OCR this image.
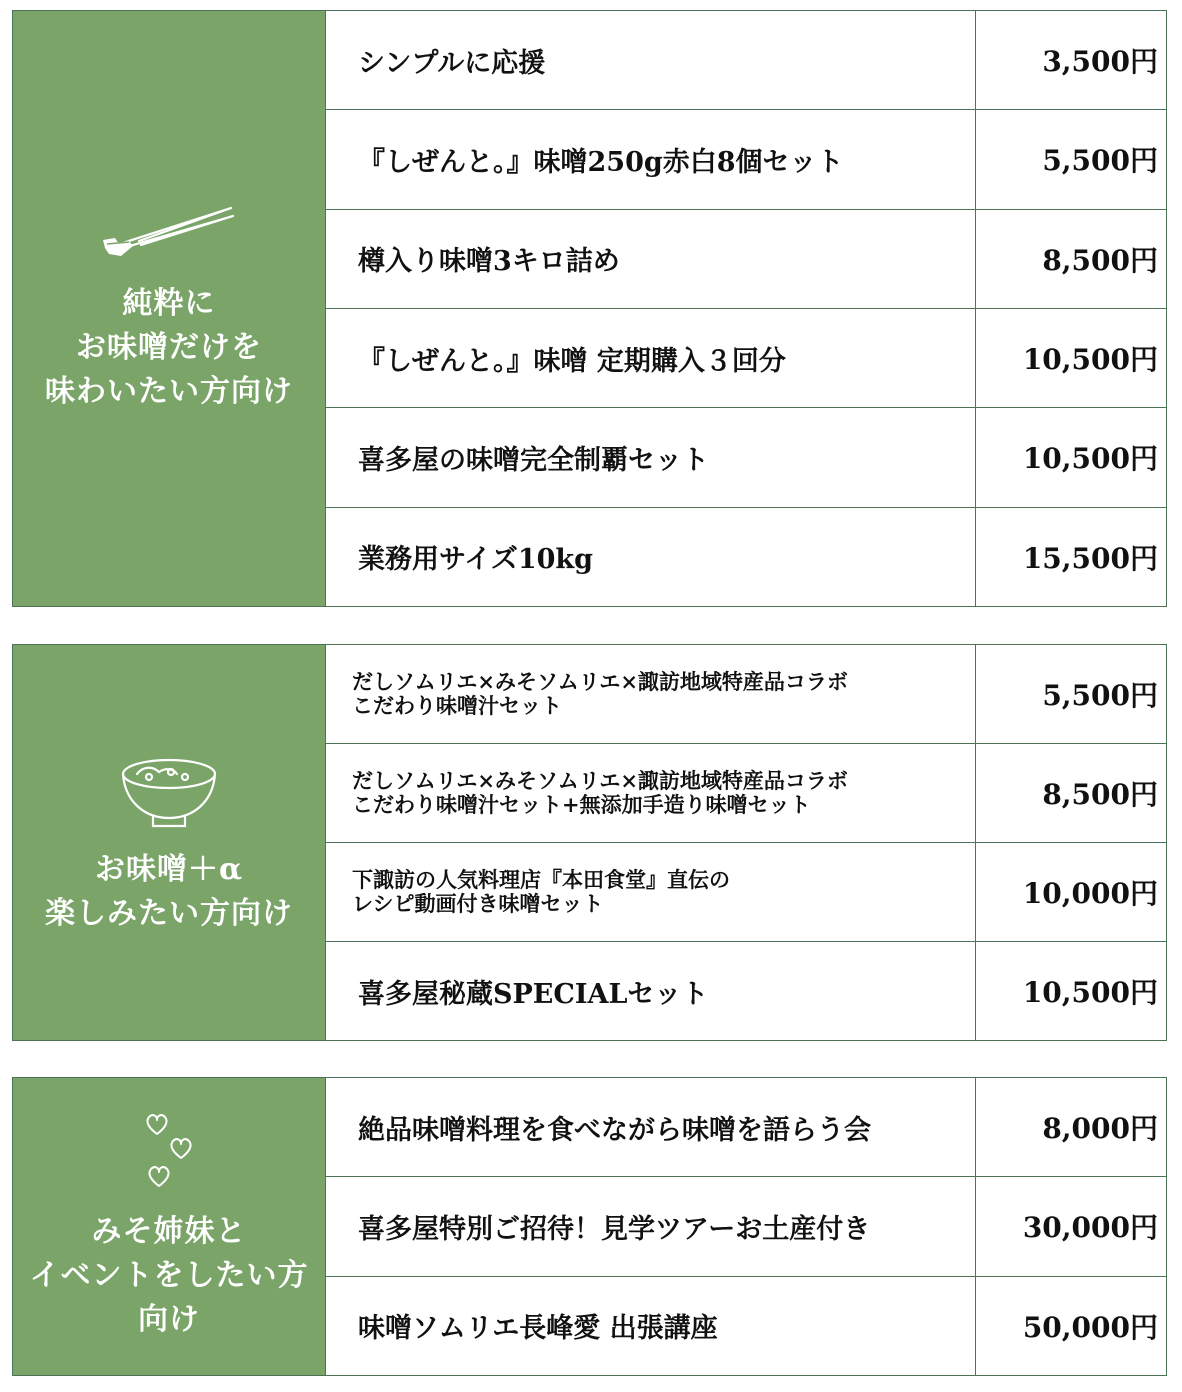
純粋に
お味噌だけを
味わいたい方向け
シンプルに応援	3,500円
『しぜんと。』味噌250g赤白8個セット	5,500円
樽入り味噌3キロ詰め	8,500円
『しぜんと。』味噌 定期購入３回分	10,500円
喜多屋の味噌完全制覇セット	10,500円
業務用サイズ10kg	15,500円
お味噌＋α
楽しみたい方向け
だしソムリエ×みそソムリエ×諏訪地域特産品コラボ
こだわり味噌汁セット	5,500円
だしソムリエ×みそソムリエ×諏訪地域特産品コラボ
こだわり味噌汁セット+無添加手造り味噌セット	8,500円
下諏訪の人気料理店『本田食堂』直伝の
レシピ動画付き味噌セット	10,000円
喜多屋秘蔵SPECIALセット	10,500円
みそ姉妹と
イベントをしたい方
向け
絶品味噌料理を食べながら味噌を語らう会	8,000円
喜多屋特別ご招待！見学ツアーお土産付き	30,000円
味噌ソムリエ長峰愛 出張講座	50,000円
